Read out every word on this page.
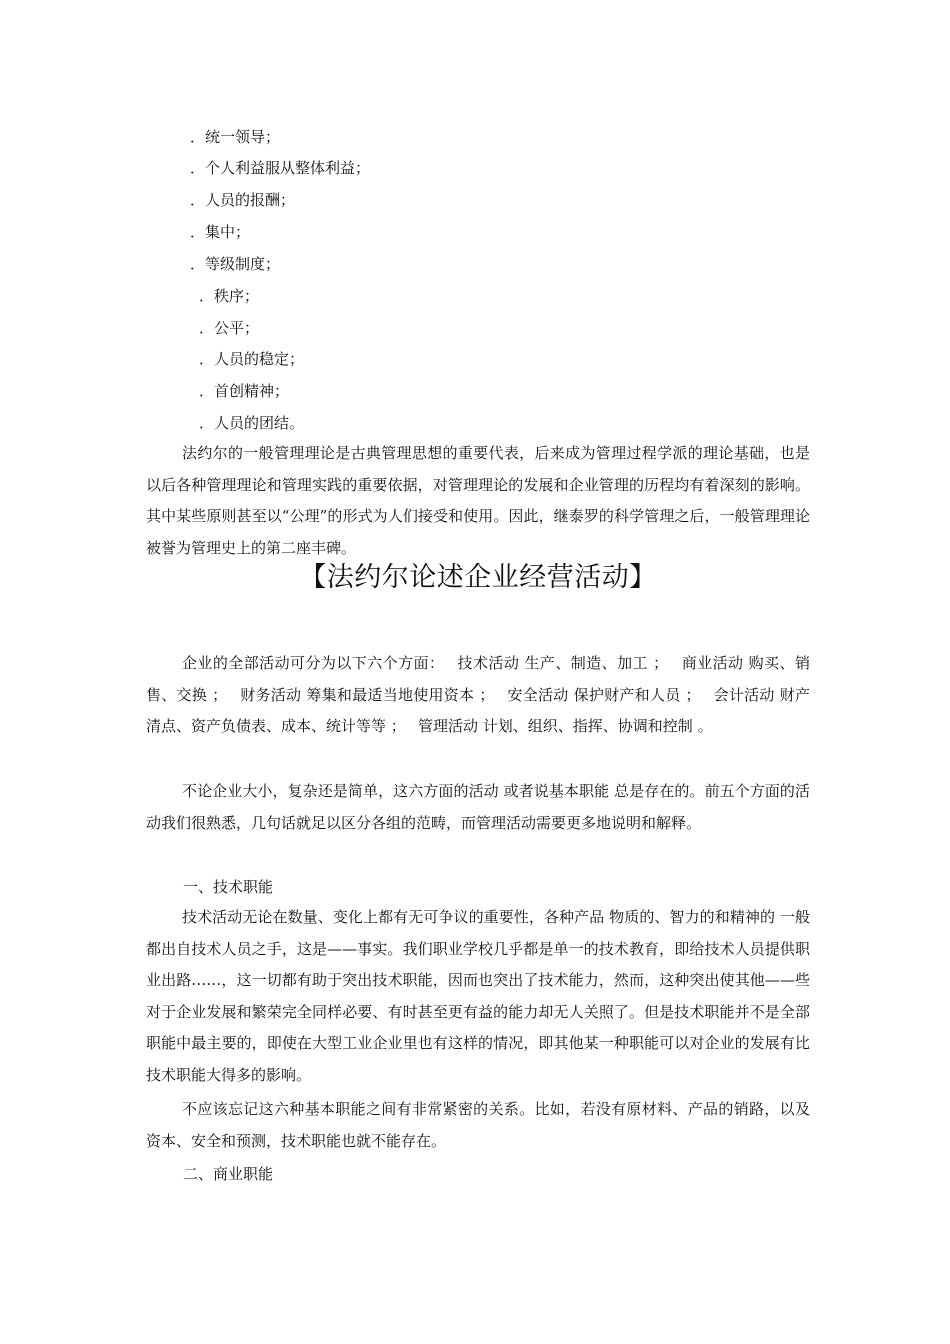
．统一领导；
．个人利益服从整体利益；
．人员的报酬；
．集中；
．等级制度；
．秩序；
．公平；
．人员的稳定；
．首创精神；
．人员的团结。
法约尔的一般管理理论是古典管理思想的重要代表，后来成为管理过程学派的理论基础，也是以后各种管理理论和管理实践的重要依据，对管理理论的发展和企业管理的历程均有着深刻的影响。其中某些原则甚至以“公理”的形式为人们接受和使用。因此，继泰罗的科学管理之后，一般管理理论被誉为管理史上的第二座丰碑。
【法约尔论述企业经营活动】
企业的全部活动可分为以下六个方面：　 技术活动 生产、制造、加工 ；　 商业活动 购买、销售、交换 ；　 财务活动 筹集和最适当地使用资本 ；　 安全活动 保护财产和人员 ；　 会计活动 财产清点、资产负债表、成本、统计等等 ；　 管理活动 计划、组织、指挥、协调和控制 。
不论企业大小，复杂还是简单，这六方面的活动 或者说基本职能 总是存在的。前五个方面的活动我们很熟悉，几句话就足以区分各组的范畴，而管理活动需要更多地说明和解释。
一、技术职能
技术活动无论在数量、变化上都有无可争议的重要性，各种产品 物质的、智力的和精神的 一般都出自技术人员之手，这是——事实。我们职业学校几乎都是单一的技术教育，即给技术人员提供职业出路……，这一切都有助于突出技术职能，因而也突出了技术能力，然而，这种突出使其他——些对于企业发展和繁荣完全同样必要、有时甚至更有益的能力却无人关照了。但是技术职能并不是全部职能中最主要的，即使在大型工业企业里也有这样的情况，即其他某一种职能可以对企业的发展有比技术职能大得多的影响。
不应该忘记这六种基本职能之间有非常紧密的关系。比如，若没有原材料、产品的销路，以及资本、安全和预测，技术职能也就不能存在。
二、商业职能
